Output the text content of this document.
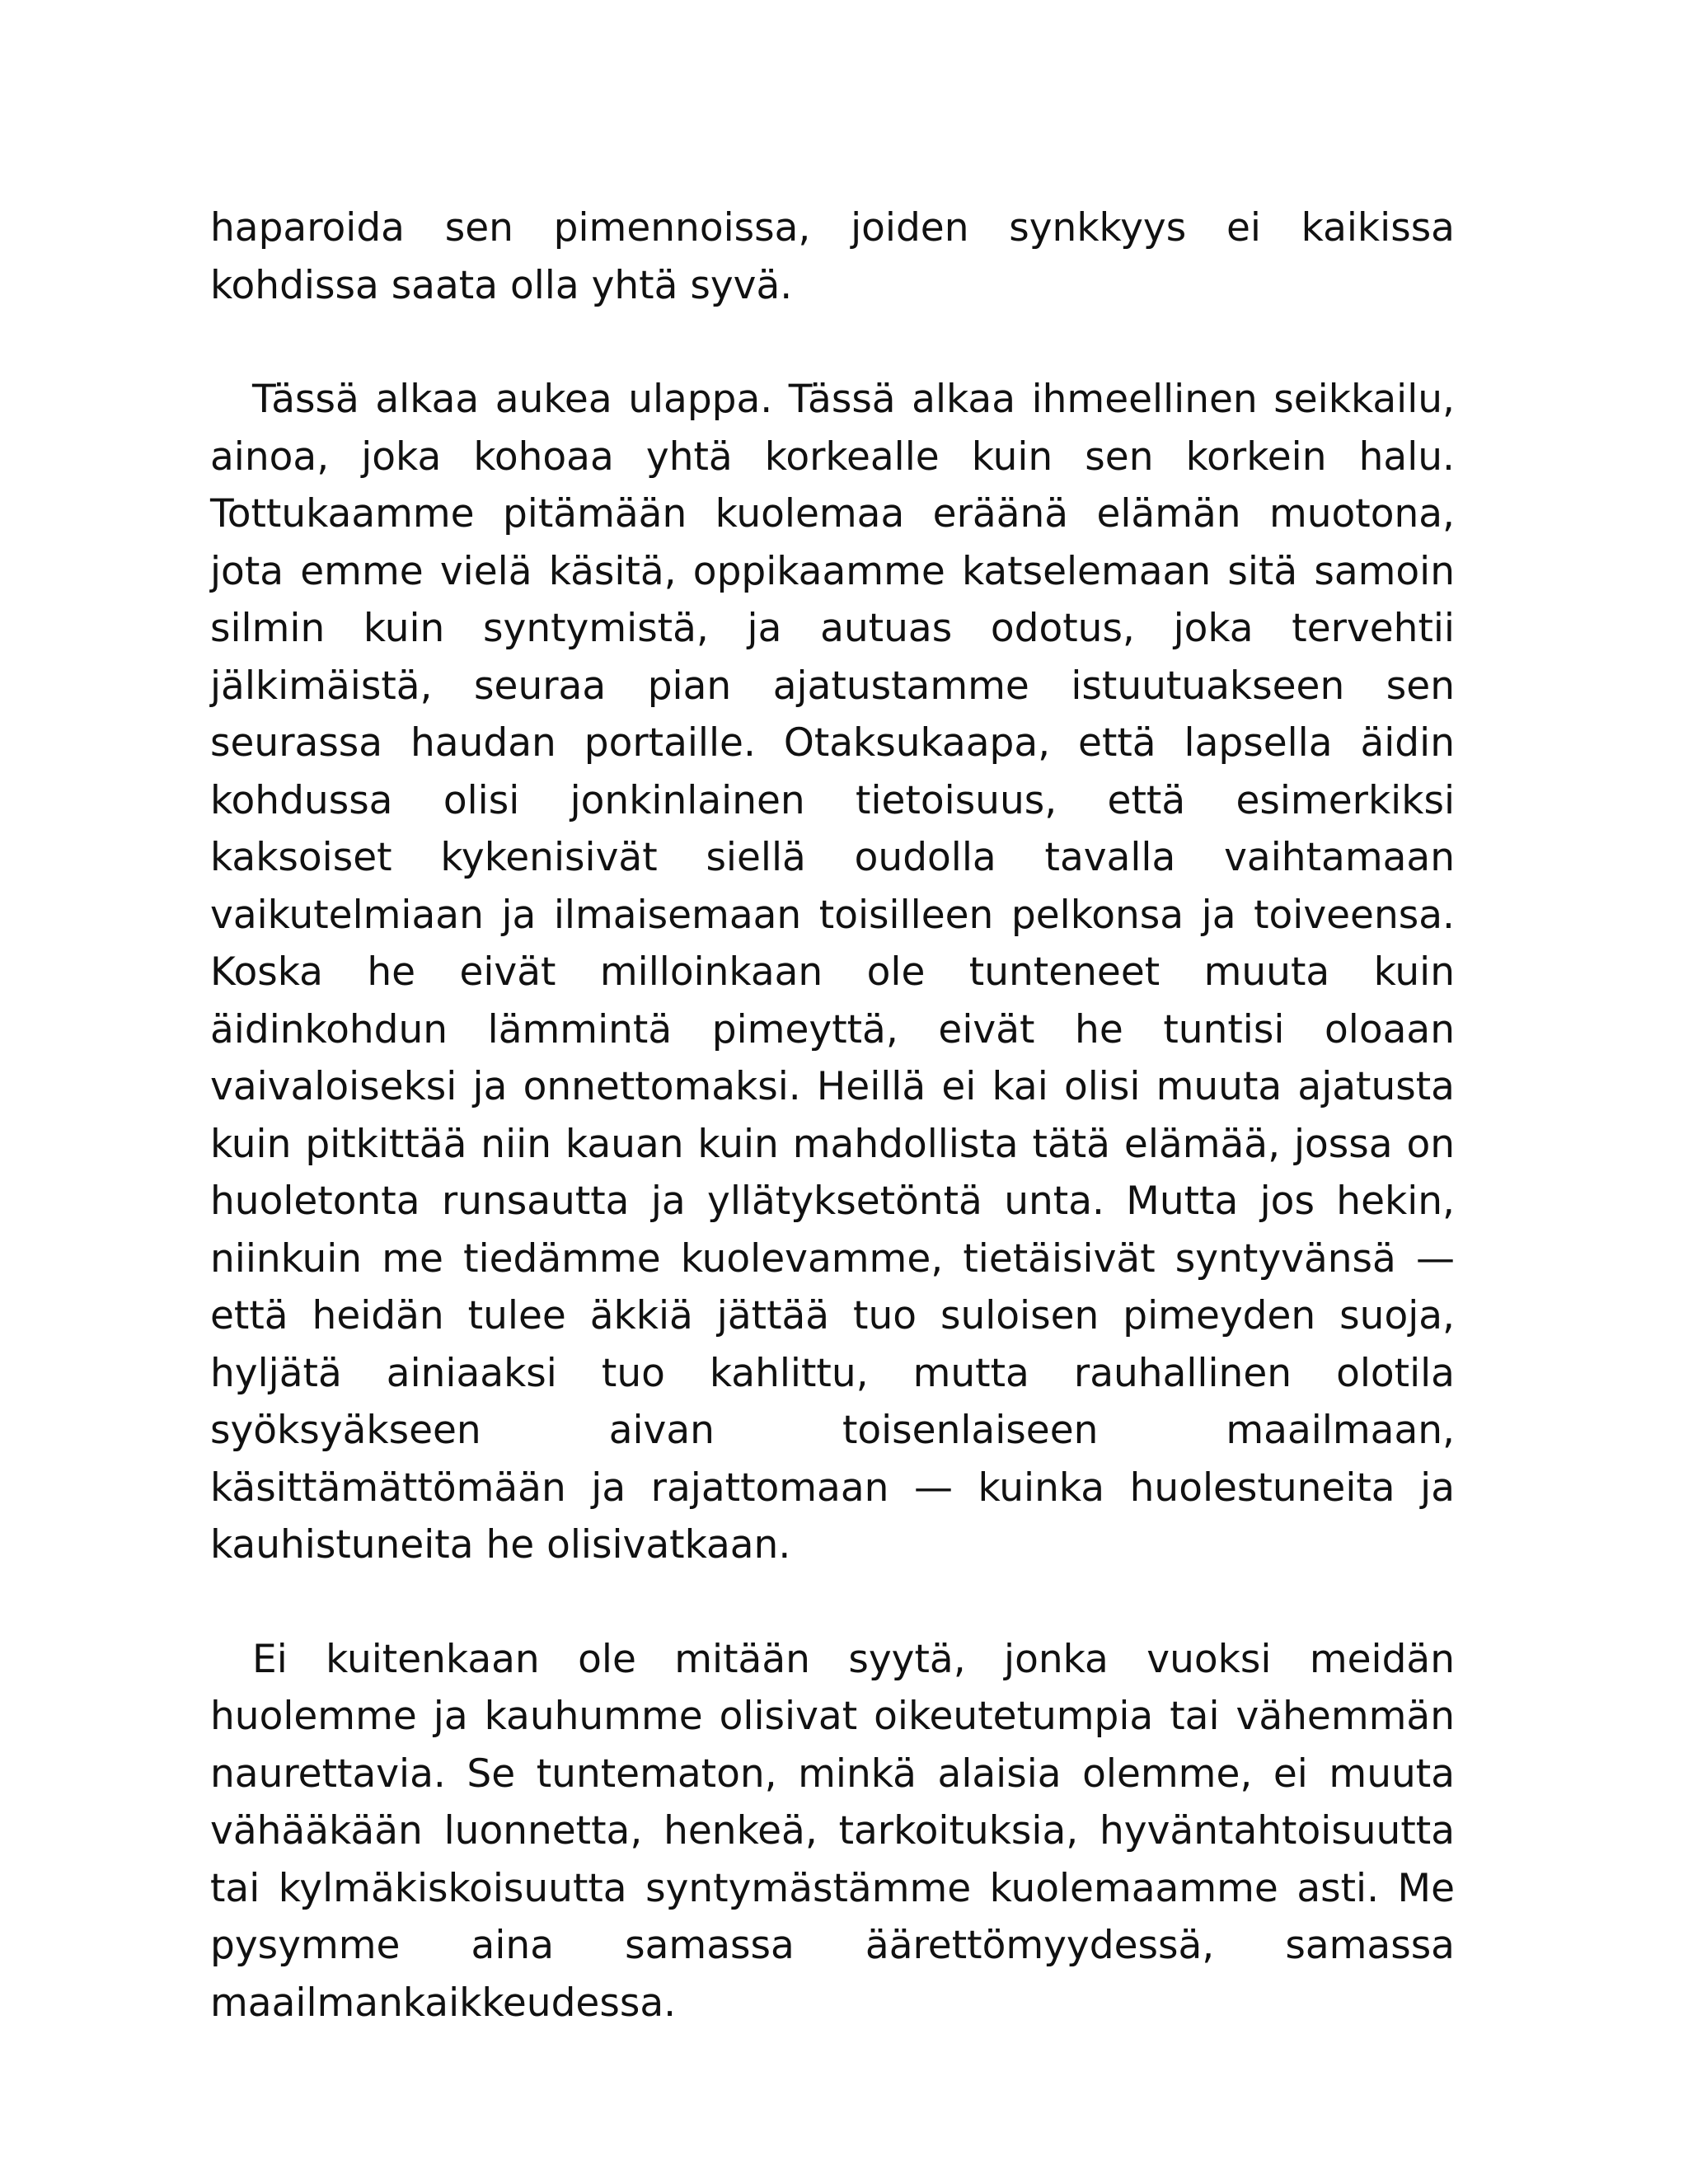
haparoida sen pimennoissa, joiden synkkyys ei kaikissa kohdissa saata olla yhtä syvä.

Tässä alkaa aukea ulappa. Tässä alkaa ihmeellinen seikkailu, ainoa, joka kohoaa yhtä korkealle kuin sen korkein halu. Tottukaamme pitämään kuolemaa eräänä elämän muotona, jota emme vielä käsitä, oppikaamme katselemaan sitä samoin silmin kuin syntymistä, ja autuas odotus, joka tervehtii jälkimäistä, seuraa pian ajatustamme istuutuakseen sen seurassa haudan portaille. Otaksukaapa, että lapsella äidin kohdussa olisi jonkinlainen tietoisuus, että esimerkiksi kaksoiset kykenisivät siellä oudolla tavalla vaihtamaan vaikutelmiaan ja ilmaisemaan toisilleen pelkonsa ja toiveensa. Koska he eivät milloinkaan ole tunteneet muuta kuin äidinkohdun lämmintä pimeyttä, eivät he tuntisi oloaan vaivaloiseksi ja onnettomaksi. Heillä ei kai olisi muuta ajatusta kuin pitkittää niin kauan kuin mahdollista tätä elämää, jossa on huoletonta runsautta ja yllätyksetöntä unta. Mutta jos hekin, niinkuin me tiedämme kuolevamme, tietäisivät syntyvänsä — että heidän tulee äkkiä jättää tuo suloisen pimeyden suoja, hyljätä ainiaaksi tuo kahlittu, mutta rauhallinen olotila syöksyäkseen aivan toisenlaiseen maailmaan, käsittämättömään ja rajattomaan — kuinka huolestuneita ja kauhistuneita he olisivatkaan.

Ei kuitenkaan ole mitään syytä, jonka vuoksi meidän huolemme ja kauhumme olisivat oikeutetumpia tai vähemmän naurettavia. Se tuntematon, minkä alaisia olemme, ei muuta vähääkään luonnetta, henkeä, tarkoituksia, hyväntahtoisuutta tai kylmäkiskoisuutta syntymästämme kuolemaamme asti. Me pysymme aina samassa äärettömyydessä, samassa maailmankaikkeudessa.
